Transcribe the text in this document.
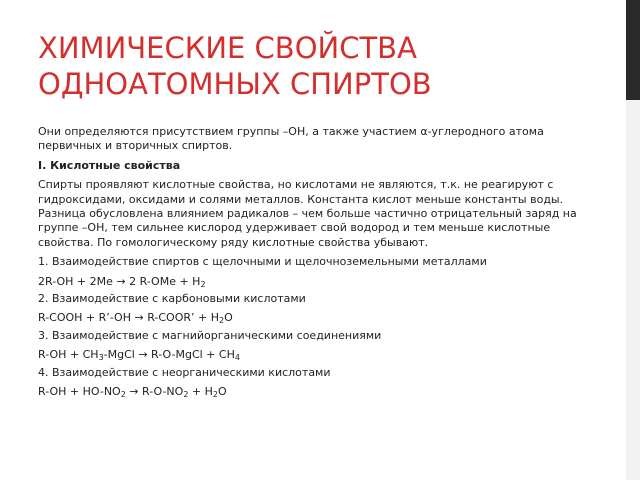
ХИМИЧЕСКИЕ СВОЙСТВА
ОДНОАТОМНЫХ СПИРТОВ

Они определяются присутствием группы –ОН, а также участием α-углеродного атома первичных и вторичных спиртов.

I. Кислотные свойства

Спирты проявляют кислотные свойства, но кислотами не являются, т.к. не реагируют с гидроксидами, оксидами и солями металлов. Константа кислот меньше константы воды. Разница обусловлена влиянием радикалов – чем больше частично отрицательный заряд на группе –ОН, тем сильнее кислород удерживает свой водород и тем меньше кислотные свойства. По гомологическому ряду кислотные свойства убывают.

1. Взаимодействие спиртов с щелочными и щелочноземельными металлами

2R-OH + 2Me → 2 $R-OMe + H_2$

2. Взаимодействие с карбоновыми кислотами

R-COOH + R’-OH → R-COOR’ + $H_2O$

3. Взаимодействие с магнийорганическими соединениями

$R-OH + CH_3$-MgCl → R-O-MgCl + $CH_4$

4. Взаимодействие с неорганическими кислотами

$R-OH + HO-NO_2 \to R-O-NO_2 + H_2O$
